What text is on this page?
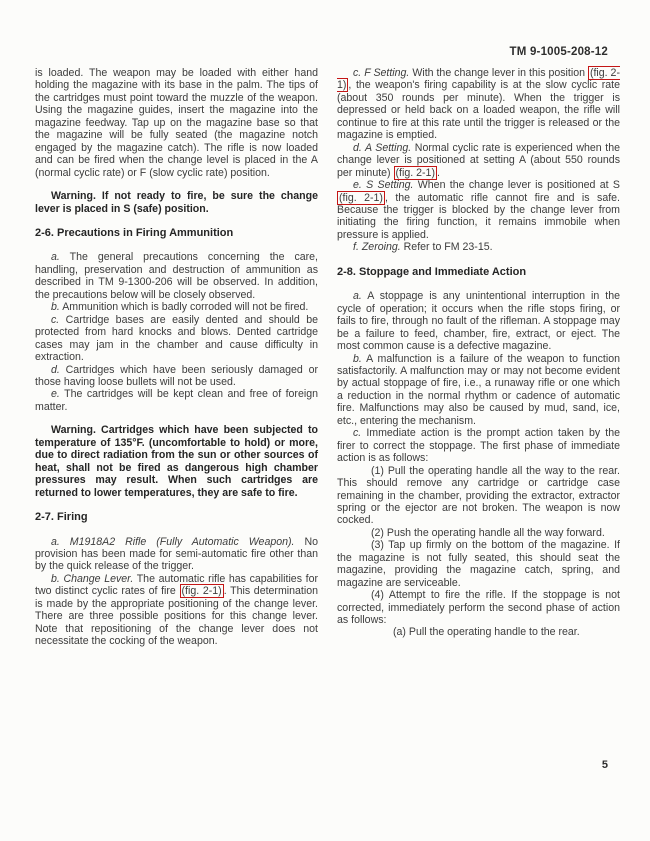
TM 9-1005-208-12
is loaded. The weapon may be loaded with either hand holding the magazine with its base in the palm. The tips of the cartridges must point toward the muzzle of the weapon. Using the magazine guides, insert the magazine into the magazine feedway. Tap up on the magazine base so that the magazine will be fully seated (the magazine notch engaged by the magazine catch). The rifle is now loaded and can be fired when the change level is placed in the A (normal cyclic rate) or F (slow cyclic rate) position.
Warning. If not ready to fire, be sure the change lever is placed in S (safe) position.
2-6. Precautions in Firing Ammunition
a. The general precautions concerning the care, handling, preservation and destruction of ammunition as described in TM 9-1300-206 will be observed. In addition, the precautions below will be closely observed.
b. Ammunition which is badly corroded will not be fired.
c. Cartridge bases are easily dented and should be protected from hard knocks and blows. Dented cartridge cases may jam in the chamber and cause difficulty in extraction.
d. Cartridges which have been seriously damaged or those having loose bullets will not be used.
e. The cartridges will be kept clean and free of foreign matter.
Warning. Cartridges which have been subjected to temperature of 135°F. (uncomfortable to hold) or more, due to direct radiation from the sun or other sources of heat, shall not be fired as dangerous high chamber pressures may result. When such cartridges are returned to lower temperatures, they are safe to fire.
2-7. Firing
a. M1918A2 Rifle (Fully Automatic Weapon). No provision has been made for semi-automatic fire other than by the quick release of the trigger.
b. Change Lever. The automatic rifle has capabilities for two distinct cyclic rates of fire (fig. 2-1) . This determination is made by the appropriate positioning of the change lever. There are three possible positions for this change lever. Note that repositioning of the change lever does not necessitate the cocking of the weapon.
c. F Setting. With the change lever in this position (fig. 2-1) , the weapon's firing capability is at the slow cyclic rate (about 350 rounds per minute). When the trigger is depressed or held back on a loaded weapon, the rifle will continue to fire at this rate until the trigger is released or the magazine is emptied.
d. A Setting. Normal cyclic rate is experienced when the change lever is positioned at setting A (about 550 rounds per minute) (fig. 2-1) .
e. S Setting. When the change lever is positioned at S (fig. 2-1) , the automatic rifle cannot fire and is safe. Because the trigger is blocked by the change lever from initiating the firing function, it remains immobile when pressure is applied.
f. Zeroing. Refer to FM 23-15.
2-8. Stoppage and Immediate Action
a. A stoppage is any unintentional interruption in the cycle of operation; it occurs when the rifle stops firing, or fails to fire, through no fault of the rifleman. A stoppage may be a failure to feed, chamber, fire, extract, or eject. The most common cause is a defective magazine.
b. A malfunction is a failure of the weapon to function satisfactorily. A malfunction may or may not become evident by actual stoppage of fire, i.e., a runaway rifle or one which a reduction in the normal rhythm or cadence of automatic fire. Malfunctions may also be caused by mud, sand, ice, etc., entering the mechanism.
c. Immediate action is the prompt action taken by the firer to correct the stoppage. The first phase of immediate action is as follows:
(1) Pull the operating handle all the way to the rear. This should remove any cartridge or cartridge case remaining in the chamber, providing the extractor, extractor spring or the ejector are not broken. The weapon is now cocked.
(2) Push the operating handle all the way forward.
(3) Tap up firmly on the bottom of the magazine. If the magazine is not fully seated, this should seat the magazine, providing the magazine catch, spring, and magazine are serviceable.
(4) Attempt to fire the rifle. If the stoppage is not corrected, immediately perform the second phase of action as follows:
(a) Pull the operating handle to the rear.
5
